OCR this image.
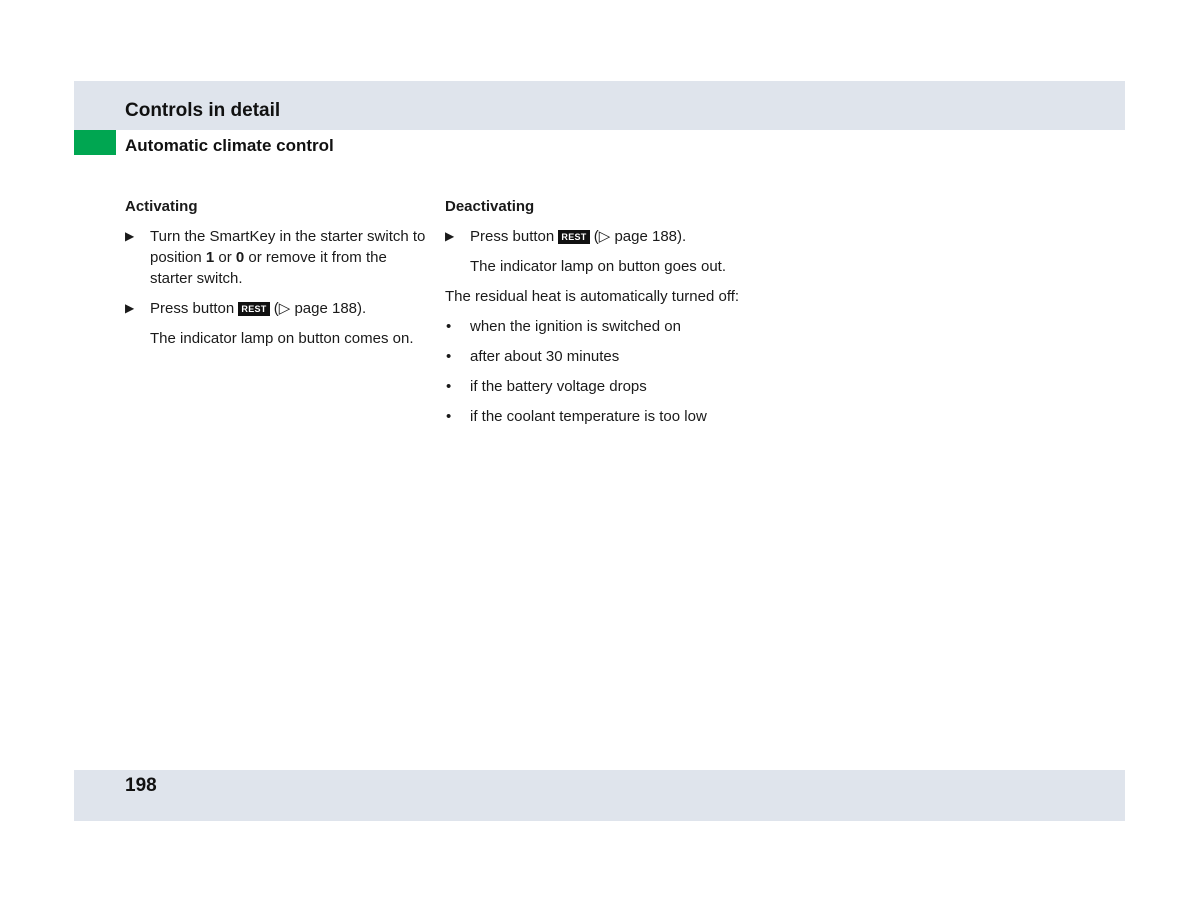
Controls in detail
Automatic climate control
Activating
▶ Turn the SmartKey in the starter switch to position 1 or 0 or remove it from the starter switch.
▶ Press button REST (▷ page 188).
The indicator lamp on button comes on.
Deactivating
▶ Press button REST (▷ page 188).
The indicator lamp on button goes out.
The residual heat is automatically turned off:
• when the ignition is switched on
• after about 30 minutes
• if the battery voltage drops
• if the coolant temperature is too low
198
